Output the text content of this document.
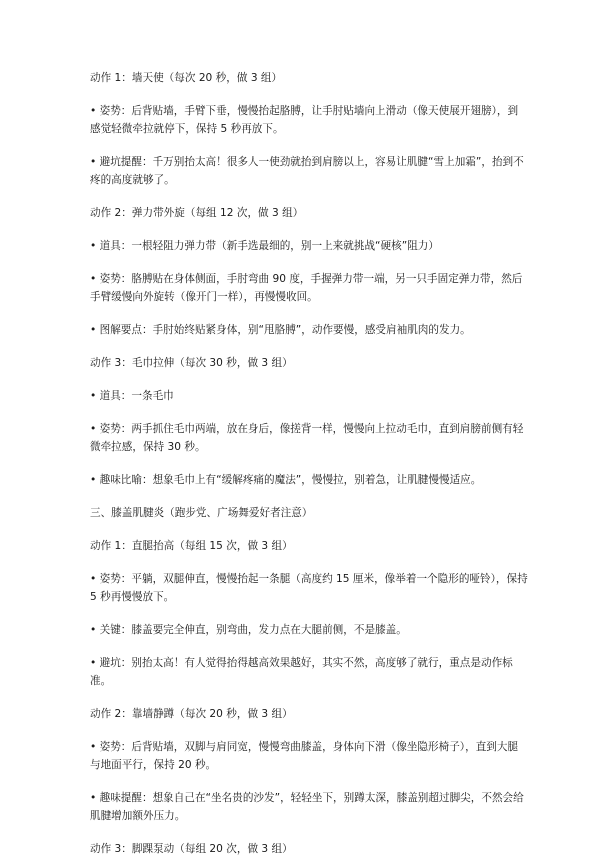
动作 1：墙天使（每次 20 秒，做 3 组）

• 姿势：后背贴墙，手臂下垂，慢慢抬起胳膊，让手肘贴墙向上滑动（像天使展开翅膀），到感觉轻微牵拉就停下，保持 5 秒再放下。

• 避坑提醒：千万别抬太高！很多人一使劲就抬到肩膀以上，容易让肌腱“雪上加霜”，抬到不疼的高度就够了。

动作 2：弹力带外旋（每组 12 次，做 3 组）

• 道具：一根轻阻力弹力带（新手选最细的，别一上来就挑战“硬核”阻力）

• 姿势：胳膊贴在身体侧面，手肘弯曲 90 度，手握弹力带一端，另一只手固定弹力带，然后手臂缓慢向外旋转（像开门一样），再慢慢收回。

• 图解要点：手肘始终贴紧身体，别“甩胳膊”，动作要慢，感受肩袖肌肉的发力。

动作 3：毛巾拉伸（每次 30 秒，做 3 组）

• 道具：一条毛巾

• 姿势：两手抓住毛巾两端，放在身后，像搓背一样，慢慢向上拉动毛巾，直到肩膀前侧有轻微牵拉感，保持 30 秒。

• 趣味比喻：想象毛巾上有“缓解疼痛的魔法”，慢慢拉，别着急，让肌腱慢慢适应。

三、膝盖肌腱炎（跑步党、广场舞爱好者注意）

动作 1：直腿抬高（每组 15 次，做 3 组）

• 姿势：平躺，双腿伸直，慢慢抬起一条腿（高度约 15 厘米，像举着一个隐形的哑铃），保持 5 秒再慢慢放下。

• 关键：膝盖要完全伸直，别弯曲，发力点在大腿前侧，不是膝盖。

• 避坑：别抬太高！有人觉得抬得越高效果越好，其实不然，高度够了就行，重点是动作标准。

动作 2：靠墙静蹲（每次 20 秒，做 3 组）

• 姿势：后背贴墙，双脚与肩同宽，慢慢弯曲膝盖，身体向下滑（像坐隐形椅子），直到大腿与地面平行，保持 20 秒。

• 趣味提醒：想象自己在“坐名贵的沙发”，轻轻坐下，别蹲太深，膝盖别超过脚尖，不然会给肌腱增加额外压力。

动作 3：脚踝泵动（每组 20 次，做 3 组）
